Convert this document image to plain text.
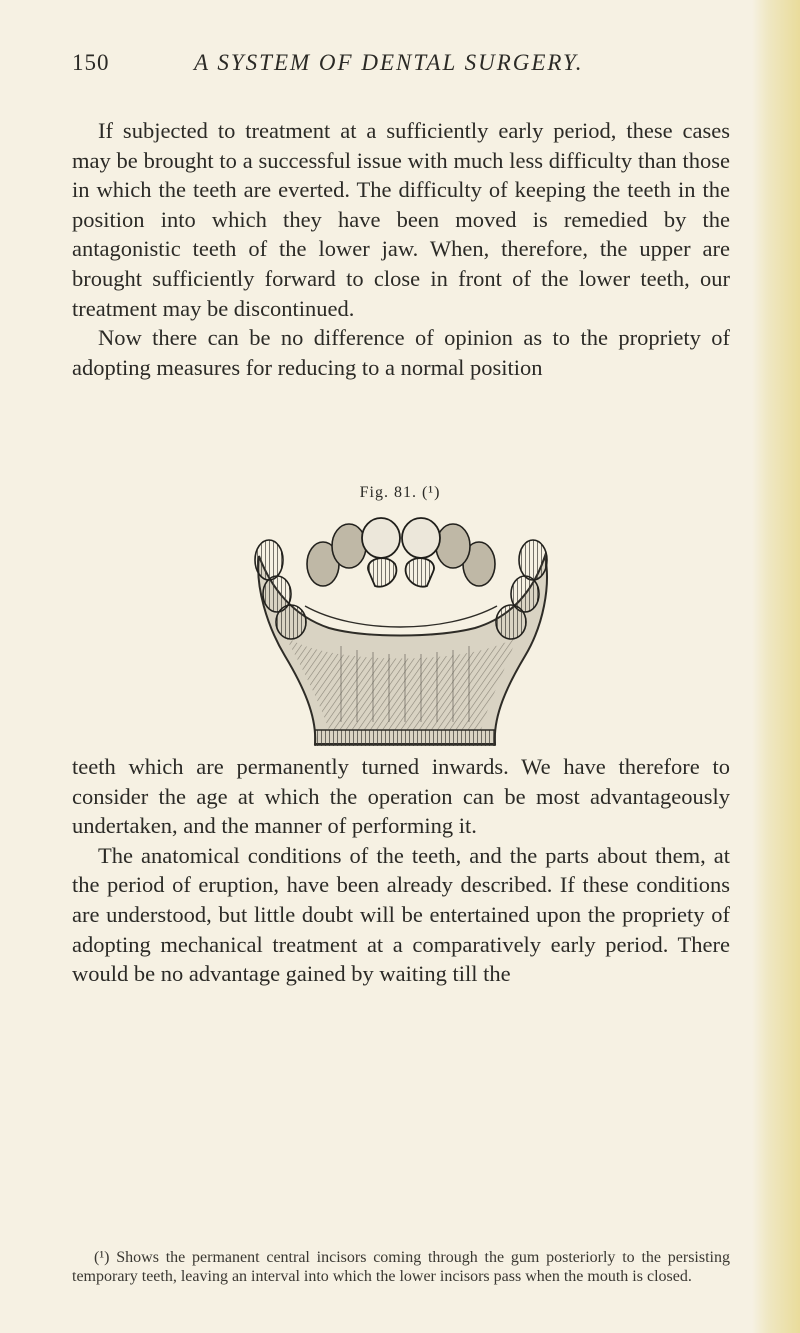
150	A SYSTEM OF DENTAL SURGERY.

If subjected to treatment at a sufficiently early period, these cases may be brought to a successful issue with much less difficulty than those in which the teeth are everted. The difficulty of keeping the teeth in the position into which they have been moved is remedied by the antagonistic teeth of the lower jaw. When, therefore, the upper are brought sufficiently forward to close in front of the lower teeth, our treatment may be discontinued.

Now there can be no difference of opinion as to the propriety of adopting measures for reducing to a normal position

Fig. 81. (¹)

teeth which are permanently turned inwards. We have therefore to consider the age at which the operation can be most advantageously undertaken, and the manner of performing it.

The anatomical conditions of the teeth, and the parts about them, at the period of eruption, have been already described. If these conditions are understood, but little doubt will be entertained upon the propriety of adopting mechanical treatment at a comparatively early period. There would be no advantage gained by waiting till the

(¹) Shows the permanent central incisors coming through the gum posteriorly to the persisting temporary teeth, leaving an interval into which the lower incisors pass when the mouth is closed.
